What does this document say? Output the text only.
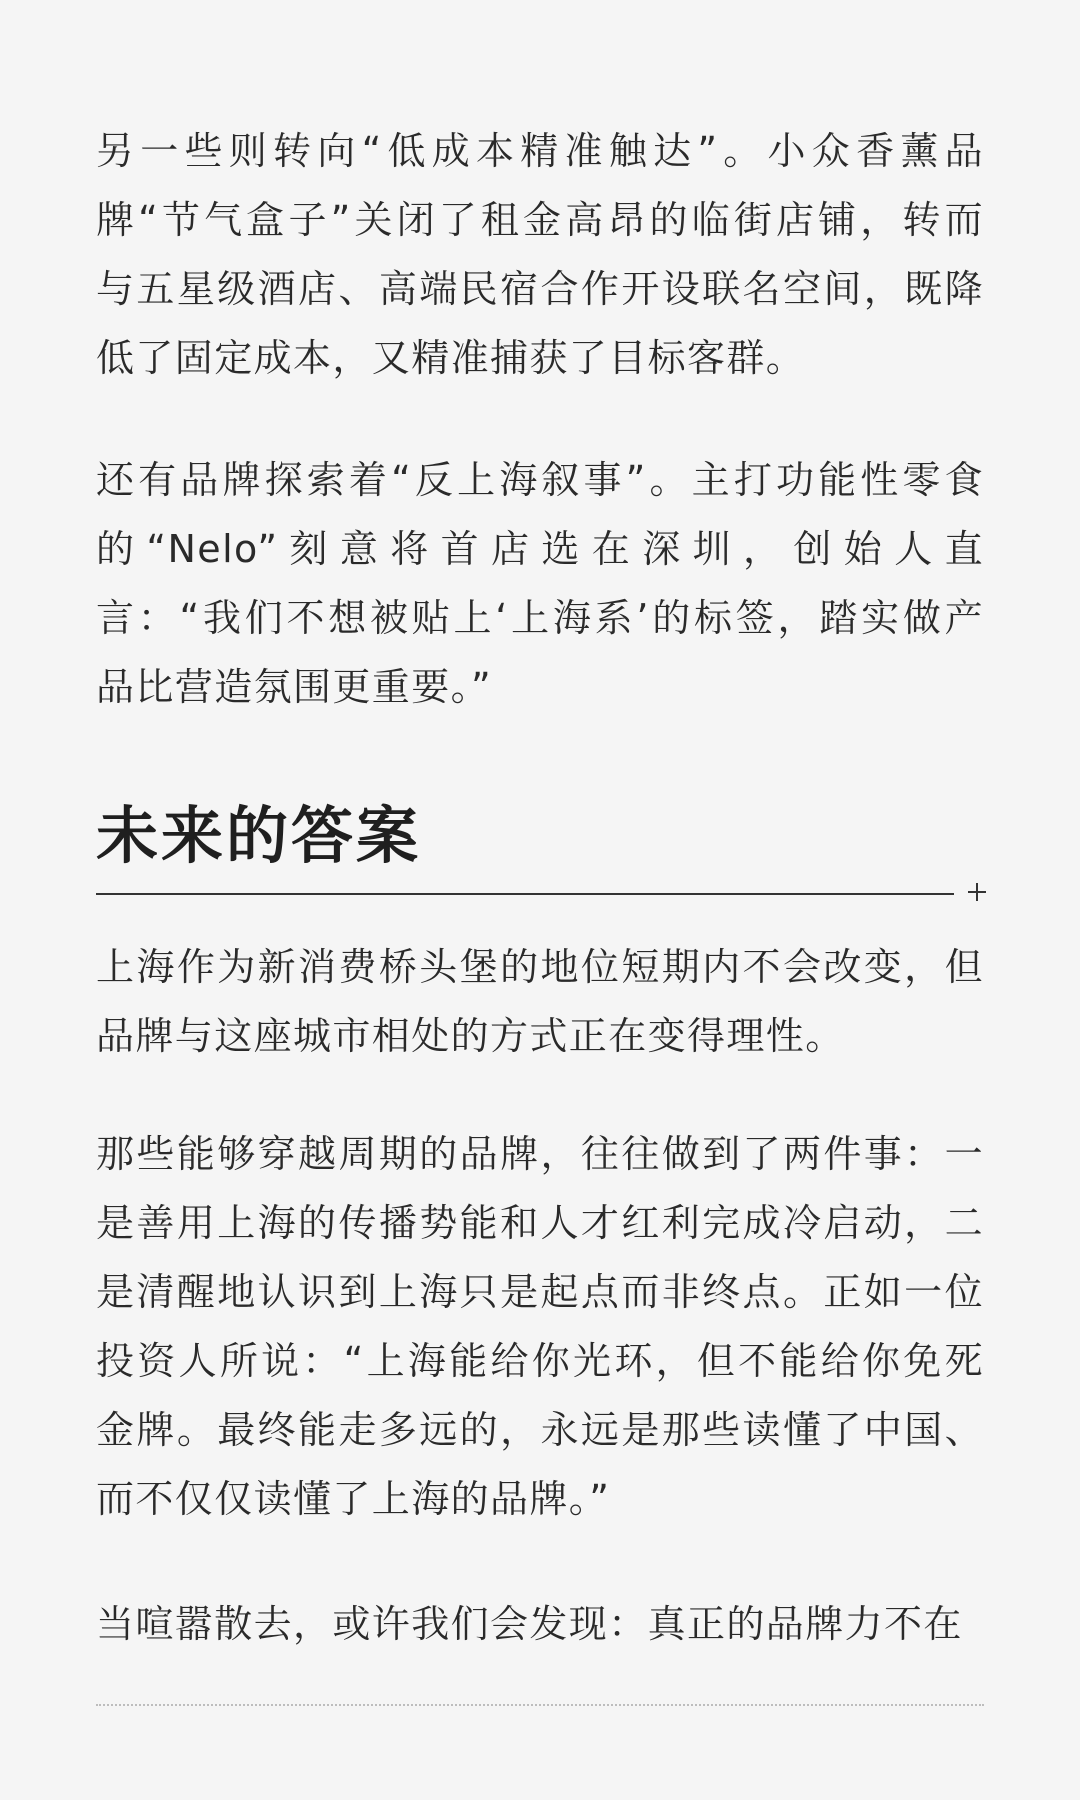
另一些则转向“低成本精准触达”。小众香薰品
牌“节气盒子”关闭了租金高昂的临街店铺，转而
与五星级酒店、高端民宿合作开设联名空间，既降
低了固定成本，又精准捕获了目标客群。

还有品牌探索着“反上海叙事”。主打功能性零食
的“Nelo”刻意将首店选在深圳，创始人直
言：“我们不想被贴上‘上海系’的标签，踏实做产
品比营造氛围更重要。”

未来的答案

上海作为新消费桥头堡的地位短期内不会改变，但
品牌与这座城市相处的方式正在变得理性。

那些能够穿越周期的品牌，往往做到了两件事：一
是善用上海的传播势能和人才红利完成冷启动，二
是清醒地认识到上海只是起点而非终点。正如一位
投资人所说：“上海能给你光环，但不能给你免死
金牌。最终能走多远的，永远是那些读懂了中国、
而不仅仅读懂了上海的品牌。”

当喧嚣散去，或许我们会发现：真正的品牌力不在
